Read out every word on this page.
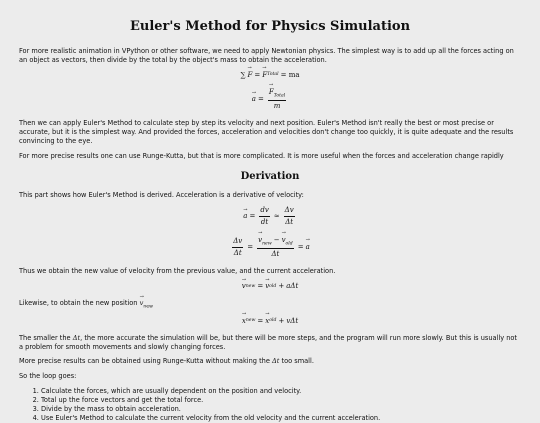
Euler's Method for Physics Simulation

For more realistic animation in VPython or other software, we need to apply Newtonian physics. The simplest way is to add up all the forces acting on an object as vectors, then divide by the total by the object's mass to obtain the acceleration.

∑ → F = → F Total = ma
→ a = → $\frac{F_{Total}}{m}$

Then we can apply Euler's Method to calculate step by step its velocity and next position. Euler's Method isn't really the best or most precise or accurate, but it is the simplest way. And provided the forces, acceleration and velocities don't change too quickly, it is quite adequate and the results convincing to the eye.

For more precise results one can use Runge-Kutta, but that is more complicated. It is more useful when the forces and acceleration change rapidly

Derivation

This part shows how Euler's Method is derived. Acceleration is a derivative of velocity:

→ $a = \frac{dv}{dt} \approx \frac{\Delta v}{\Delta t}$
$\frac{\Delta v}{\Delta t}$ = → $\frac{v_{new} - \to v_{old}}{\Delta t}$ = → a

Thus we obtain the new value of velocity from the previous value, and the current acceleration.

→ v new = → v old + aΔt

Likewise, to obtain the new position → $v_{new}$

→ x new = → x old + vΔt

The smaller the Δt, the more accurate the simulation will be, but there will be more steps, and the program will run more slowly. But this is usually not a problem for smooth movements and slowly changing forces.

More precise results can be obtained using Runge-Kutta without making the Δt too small.

So the loop goes:

1. Calculate the forces, which are usually dependent on the position and velocity.
2. Total up the force vectors and get the total force.
3. Divide by the mass to obtain acceleration.
4. Use Euler's Method to calculate the current velocity from the old velocity and the current acceleration.
